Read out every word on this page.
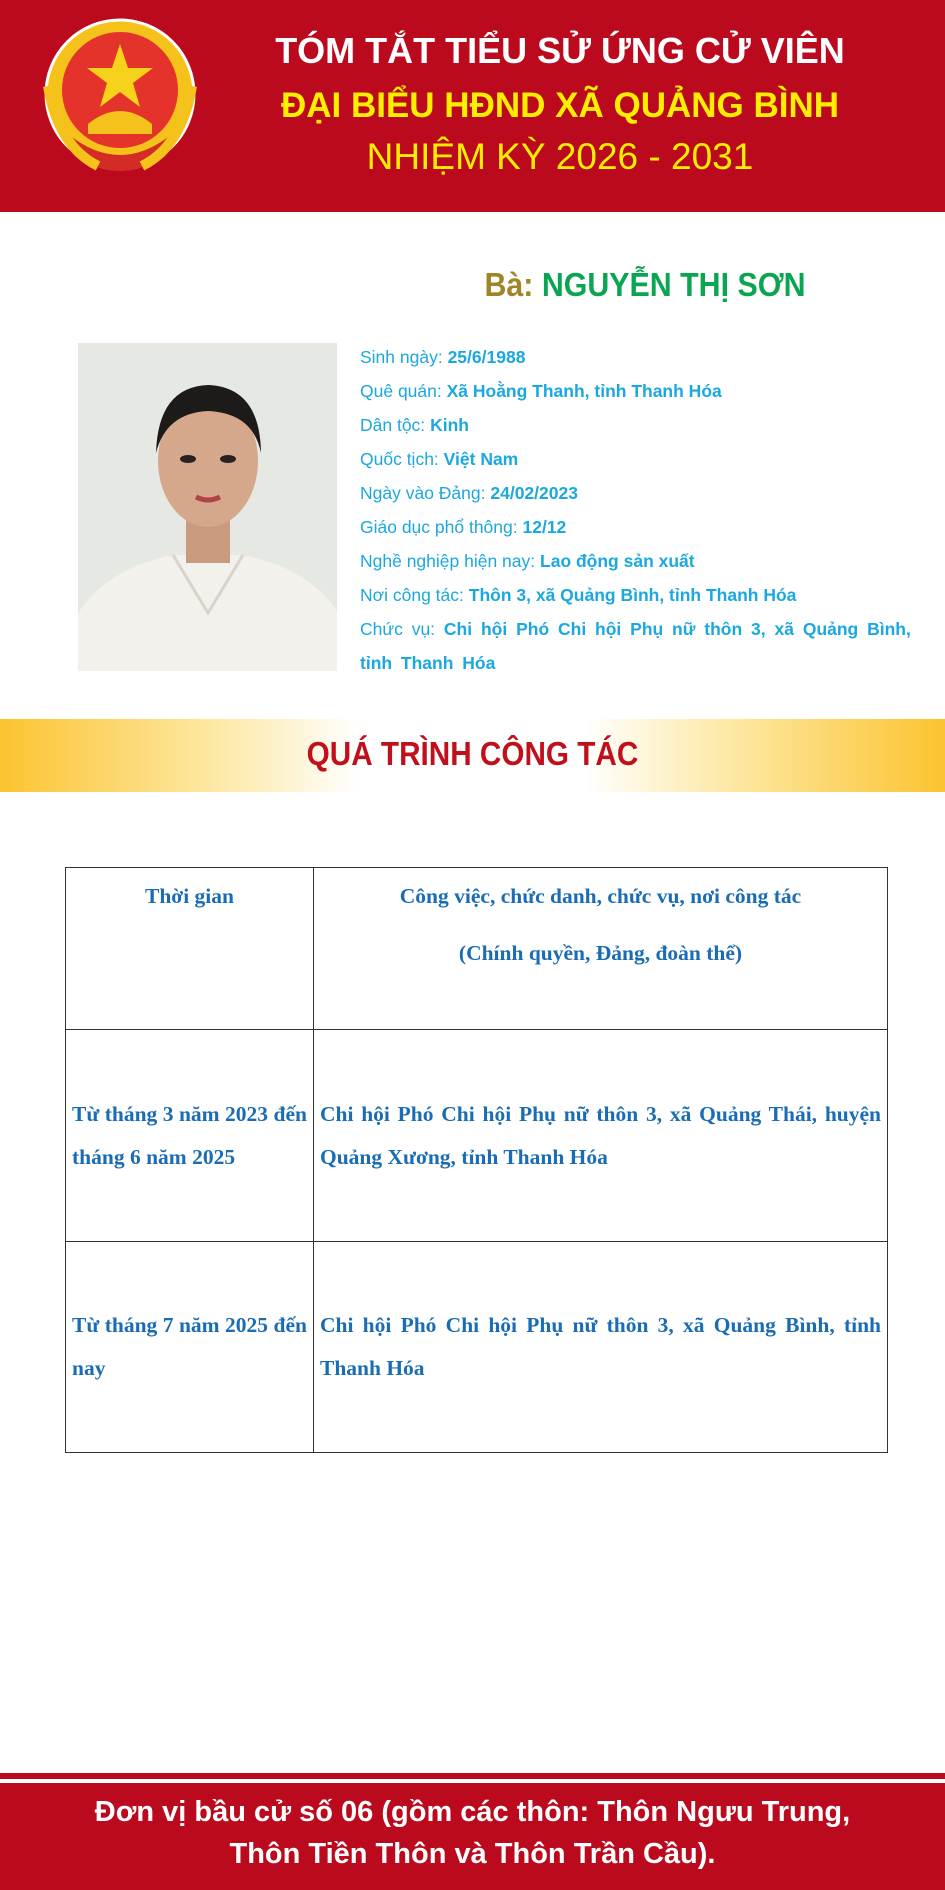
TÓM TẮT TIỂU SỬ ỨNG CỬ VIÊN
ĐẠI BIỂU HĐND XÃ QUẢNG BÌNH
NHIỆM KỲ 2026 - 2031
Bà: NGUYỄN THỊ SƠN
Sinh ngày: 25/6/1988
Quê quán: Xã Hoằng Thanh, tỉnh Thanh Hóa
Dân tộc: Kinh
Quốc tịch: Việt Nam
Ngày vào Đảng: 24/02/2023
Giáo dục phổ thông: 12/12
Nghề nghiệp hiện nay: Lao động sản xuất
Nơi công tác: Thôn 3, xã Quảng Bình, tỉnh Thanh Hóa
Chức vụ: Chi hội Phó Chi hội Phụ nữ thôn 3, xã Quảng Bình, tỉnh Thanh Hóa
QUÁ TRÌNH CÔNG TÁC
Thời gian	Công việc, chức danh, chức vụ, nơi công tác
(Chính quyền, Đảng, đoàn thể)

Từ tháng 3 năm 2023 đến tháng 6 năm 2025	Chi hội Phó Chi hội Phụ nữ thôn 3, xã Quảng Thái, huyện Quảng Xương, tỉnh Thanh Hóa
Từ tháng 7 năm 2025 đến nay	Chi hội Phó Chi hội Phụ nữ thôn 3, xã Quảng Bình, tỉnh Thanh Hóa
Đơn vị bầu cử số 06 (gồm các thôn: Thôn Ngưu Trung,
Thôn Tiền Thôn và Thôn Trần Cầu).
